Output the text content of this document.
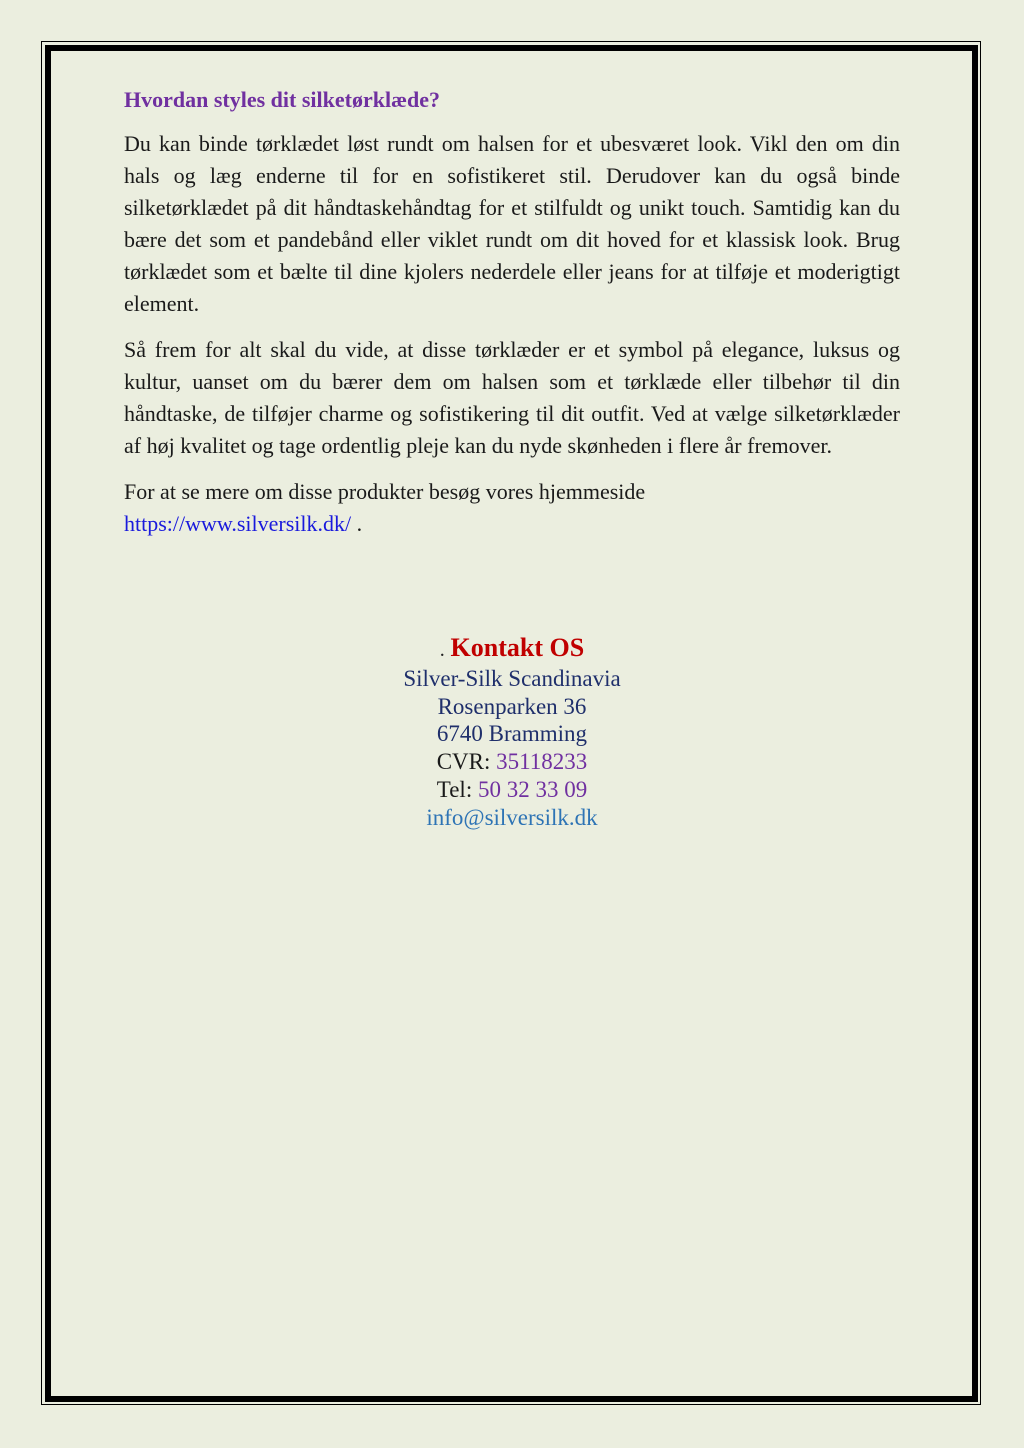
Hvordan styles dit silketørklæde?

Du kan binde tørklædet løst rundt om halsen for et ubesværet look. Vikl den om din hals og læg enderne til for en sofistikeret stil. Derudover kan du også binde silketørklædet på dit håndtaskehåndtag for et stilfuldt og unikt touch. Samtidig kan du bære det som et pandebånd eller viklet rundt om dit hoved for et klassisk look. Brug tørklædet som et bælte til dine kjolers nederdele eller jeans for at tilføje et moderigtigt element.

Så frem for alt skal du vide, at disse tørklæder er et symbol på elegance, luksus og kultur, uanset om du bærer dem om halsen som et tørklæde eller tilbehør til din håndtaske, de tilføjer charme og sofistikering til dit outfit. Ved at vælge silketørklæder af høj kvalitet og tage ordentlig pleje kan du nyde skønheden i flere år fremover.

For at se mere om disse produkter besøg vores hjemmeside
https://www.silversilk.dk/ .

. Kontakt OS
Silver-Silk Scandinavia
Rosenparken 36
6740 Bramming
CVR: 35118233
Tel: 50 32 33 09
info@silversilk.dk
